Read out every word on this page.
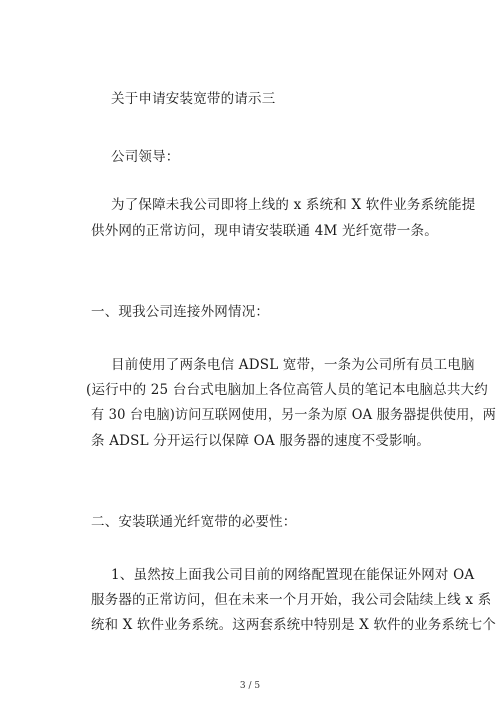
关于申请安装宽带的请示三
公司领导：
为了保障未我公司即将上线的 x 系统和 X 软件业务系统能提
供外网的正常访问，现申请安装联通 4M 光纤宽带一条。
一、现我公司连接外网情况：
目前使用了两条电信 ADSL 宽带，一条为公司所有员工电脑
(运行中的 25 台台式电脑加上各位高管人员的笔记本电脑总共大约
有 30 台电脑)访问互联网使用，另一条为原 OA 服务器提供使用，两
条 ADSL 分开运行以保障 OA 服务器的速度不受影响。
二、安装联通光纤宽带的必要性：
1、虽然按上面我公司目前的网络配置现在能保证外网对 OA
服务器的正常访问，但在未来一个月开始，我公司会陆续上线 x 系
统和 X 软件业务系统。这两套系统中特别是 X 软件的业务系统七个
3 / 5
